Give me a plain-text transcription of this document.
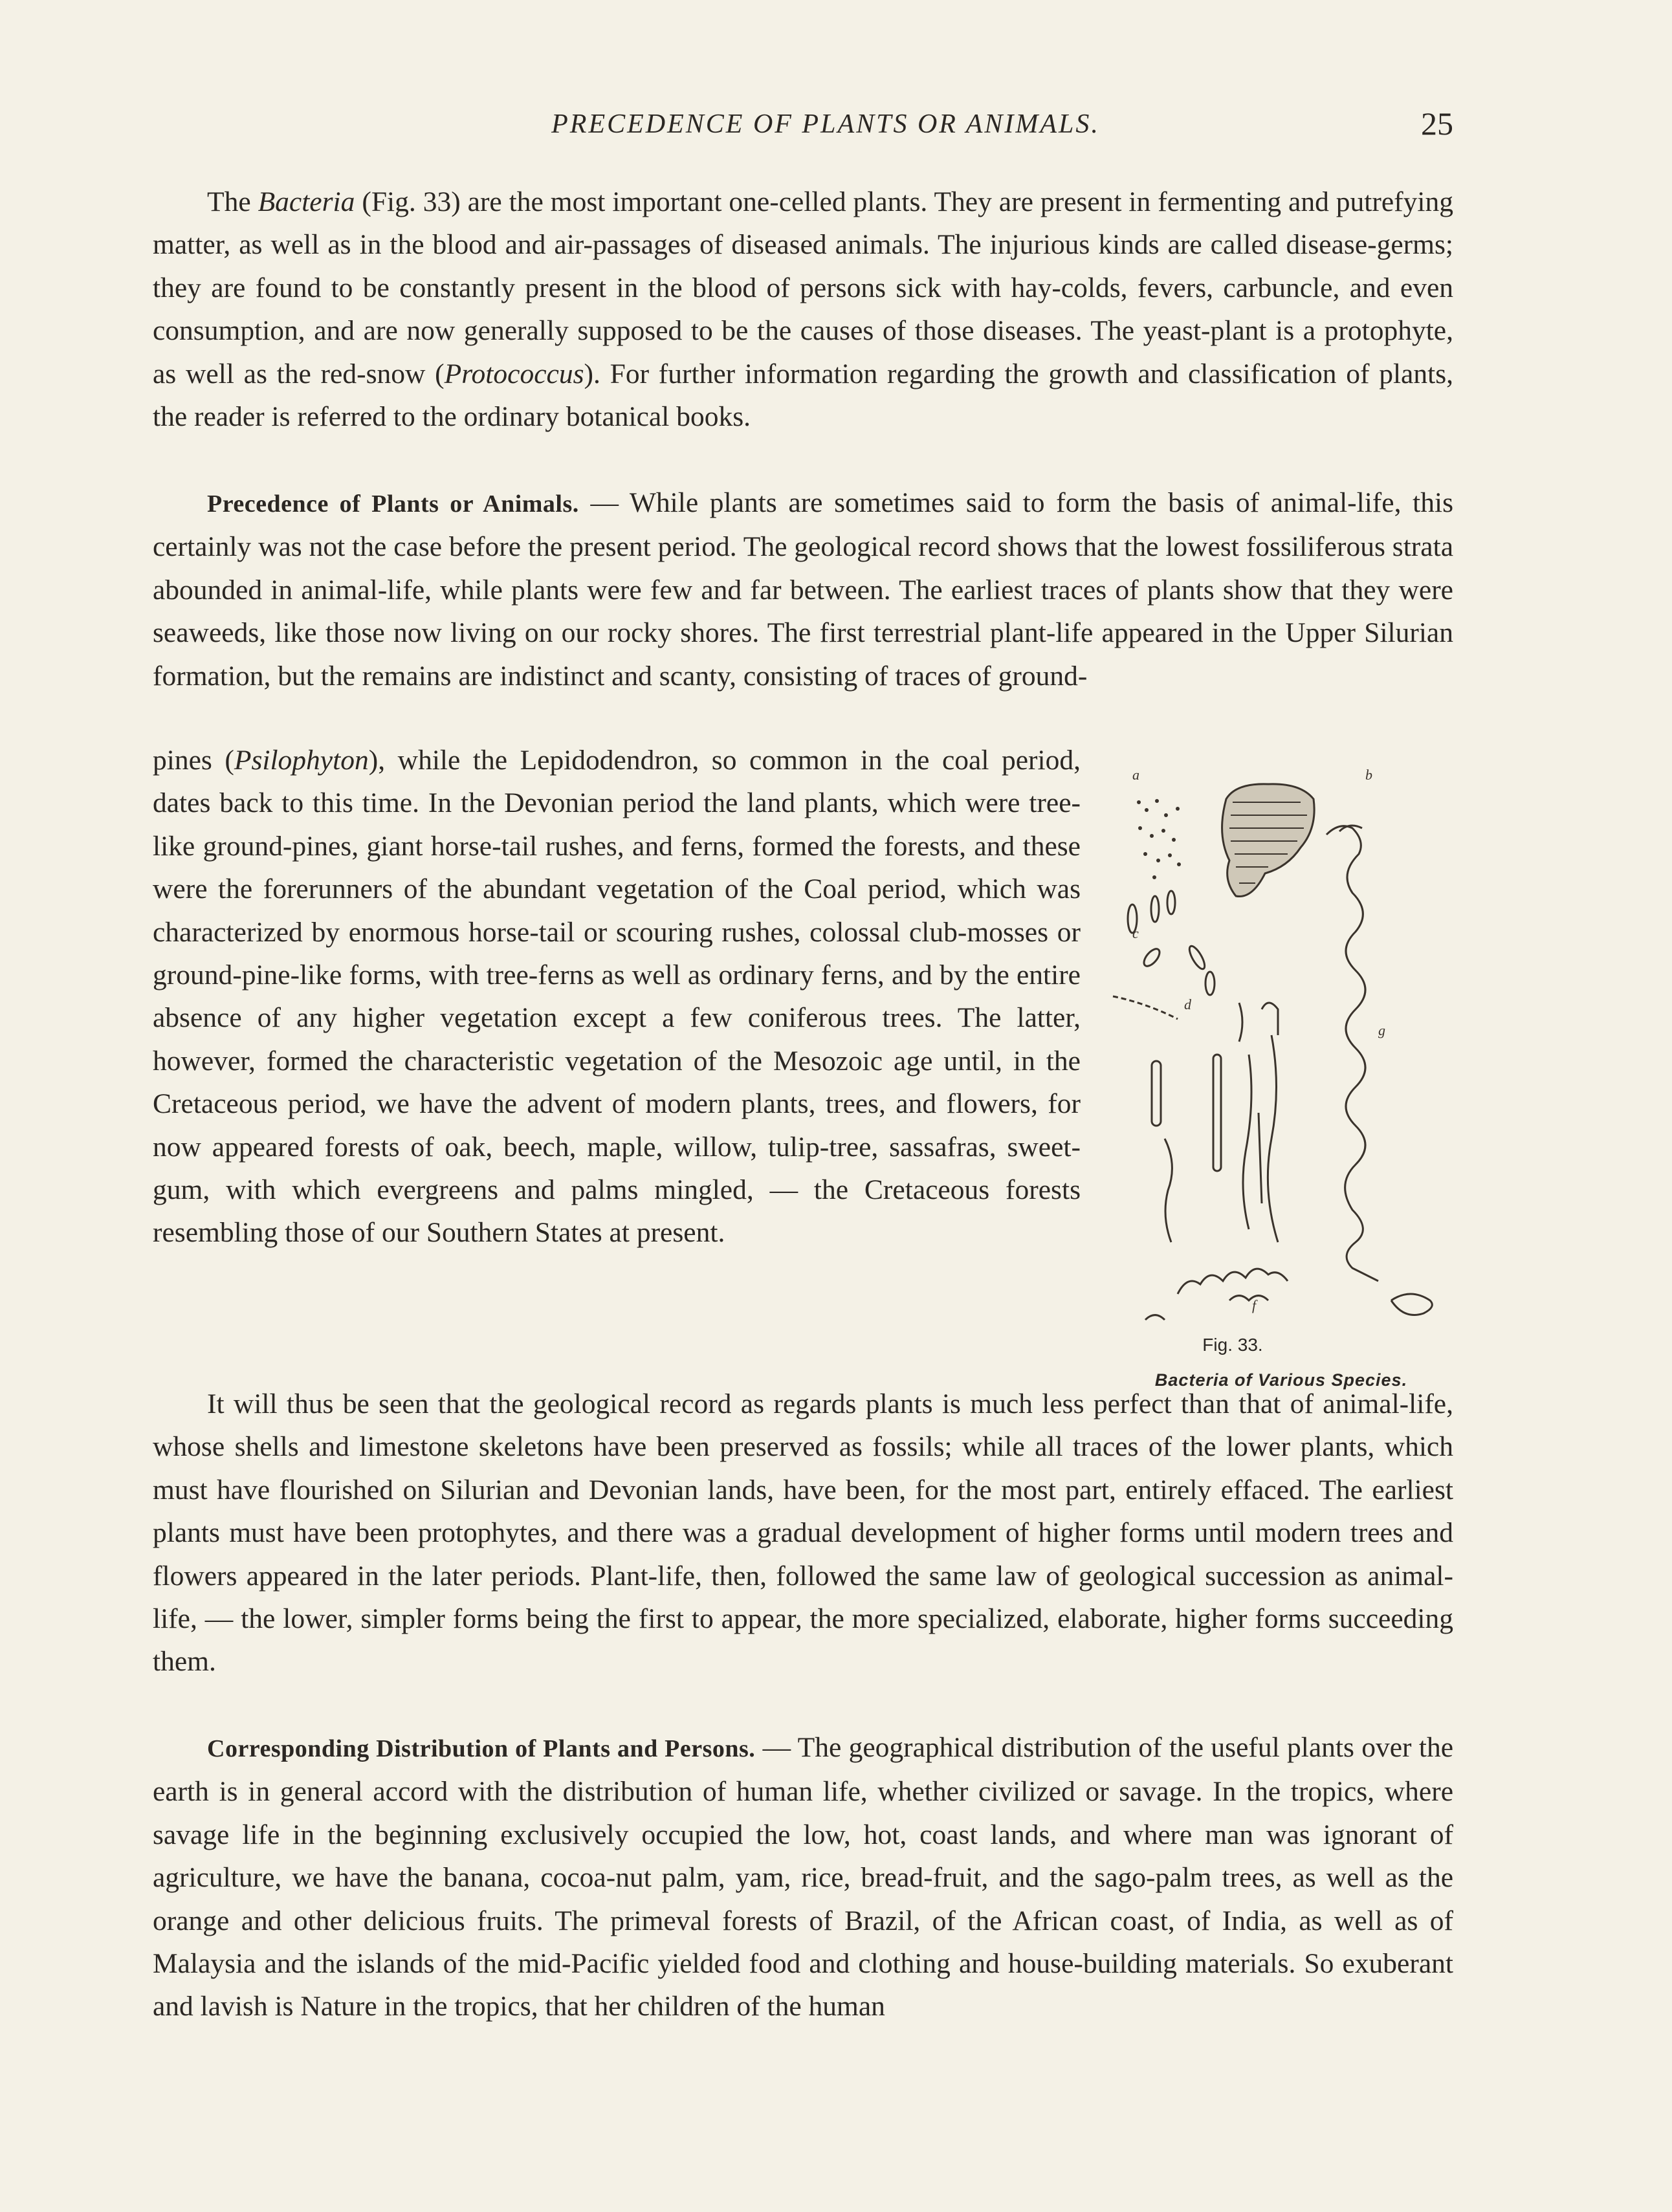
PRECEDENCE OF PLANTS OR ANIMALS.	25

The Bacteria (Fig. 33) are the most important one-celled plants. They are present in fermenting and putrefying matter, as well as in the blood and air-passages of diseased animals. The injurious kinds are called disease-germs; they are found to be constantly present in the blood of persons sick with hay-colds, fevers, carbuncle, and even consumption, and are now generally supposed to be the causes of those diseases. The yeast-plant is a protophyte, as well as the red-snow (Protococcus). For further information regarding the growth and classification of plants, the reader is referred to the ordinary botanical books.

Precedence of Plants or Animals. — While plants are sometimes said to form the basis of animal-life, this certainly was not the case before the present period. The geological record shows that the lowest fossiliferous strata abounded in animal-life, while plants were few and far between. The earliest traces of plants show that they were seaweeds, like those now living on our rocky shores. The first terrestrial plant-life appeared in the Upper Silurian formation, but the remains are indistinct and scanty, consisting of traces of ground-

pines (Psilophyton), while the Lepidodendron, so common in the coal period, dates back to this time. In the Devonian period the land plants, which were tree-like ground-pines, giant horse-tail rushes, and ferns, formed the forests, and these were the forerunners of the abundant vegetation of the Coal period, which was characterized by enormous horse-tail or scouring rushes, colossal club-mosses or ground-pine-like forms, with tree-ferns as well as ordinary ferns, and by the entire absence of any higher vegetation except a few coniferous trees. The latter, however, formed the characteristic vegetation of the Mesozoic age until, in the Cretaceous period, we have the advent of modern plants, trees, and flowers, for now appeared forests of oak, beech, maple, willow, tulip-tree, sassafras, sweet-gum, with which evergreens and palms mingled, — the Cretaceous forests resembling those of our Southern States at present.

It will thus be seen that the geological record as regards plants is much less perfect than that of animal-life, whose shells and limestone skeletons have been preserved as fossils; while all traces of the lower plants, which must have flourished on Silurian and Devonian lands, have been, for the most part, entirely effaced. The earliest plants must have been protophytes, and there was a gradual development of higher forms until modern trees and flowers appeared in the later periods. Plant-life, then, followed the same law of geological succession as animal-life, — the lower, simpler forms being the first to appear, the more specialized, elaborate, higher forms succeeding them.

Corresponding Distribution of Plants and Persons. — The geographical distribution of the useful plants over the earth is in general accord with the distribution of human life, whether civilized or savage. In the tropics, where savage life in the beginning exclusively occupied the low, hot, coast lands, and where man was ignorant of agriculture, we have the banana, cocoa-nut palm, yam, rice, bread-fruit, and the sago-palm trees, as well as the orange and other delicious fruits. The primeval forests of Brazil, of the African coast, of India, as well as of Malaysia and the islands of the mid-Pacific yielded food and clothing and house-building materials. So exuberant and lavish is Nature in the tropics, that her children of the human

a	b
c
d
g
f
Fig. 33.
Bacteria of Various Species.
